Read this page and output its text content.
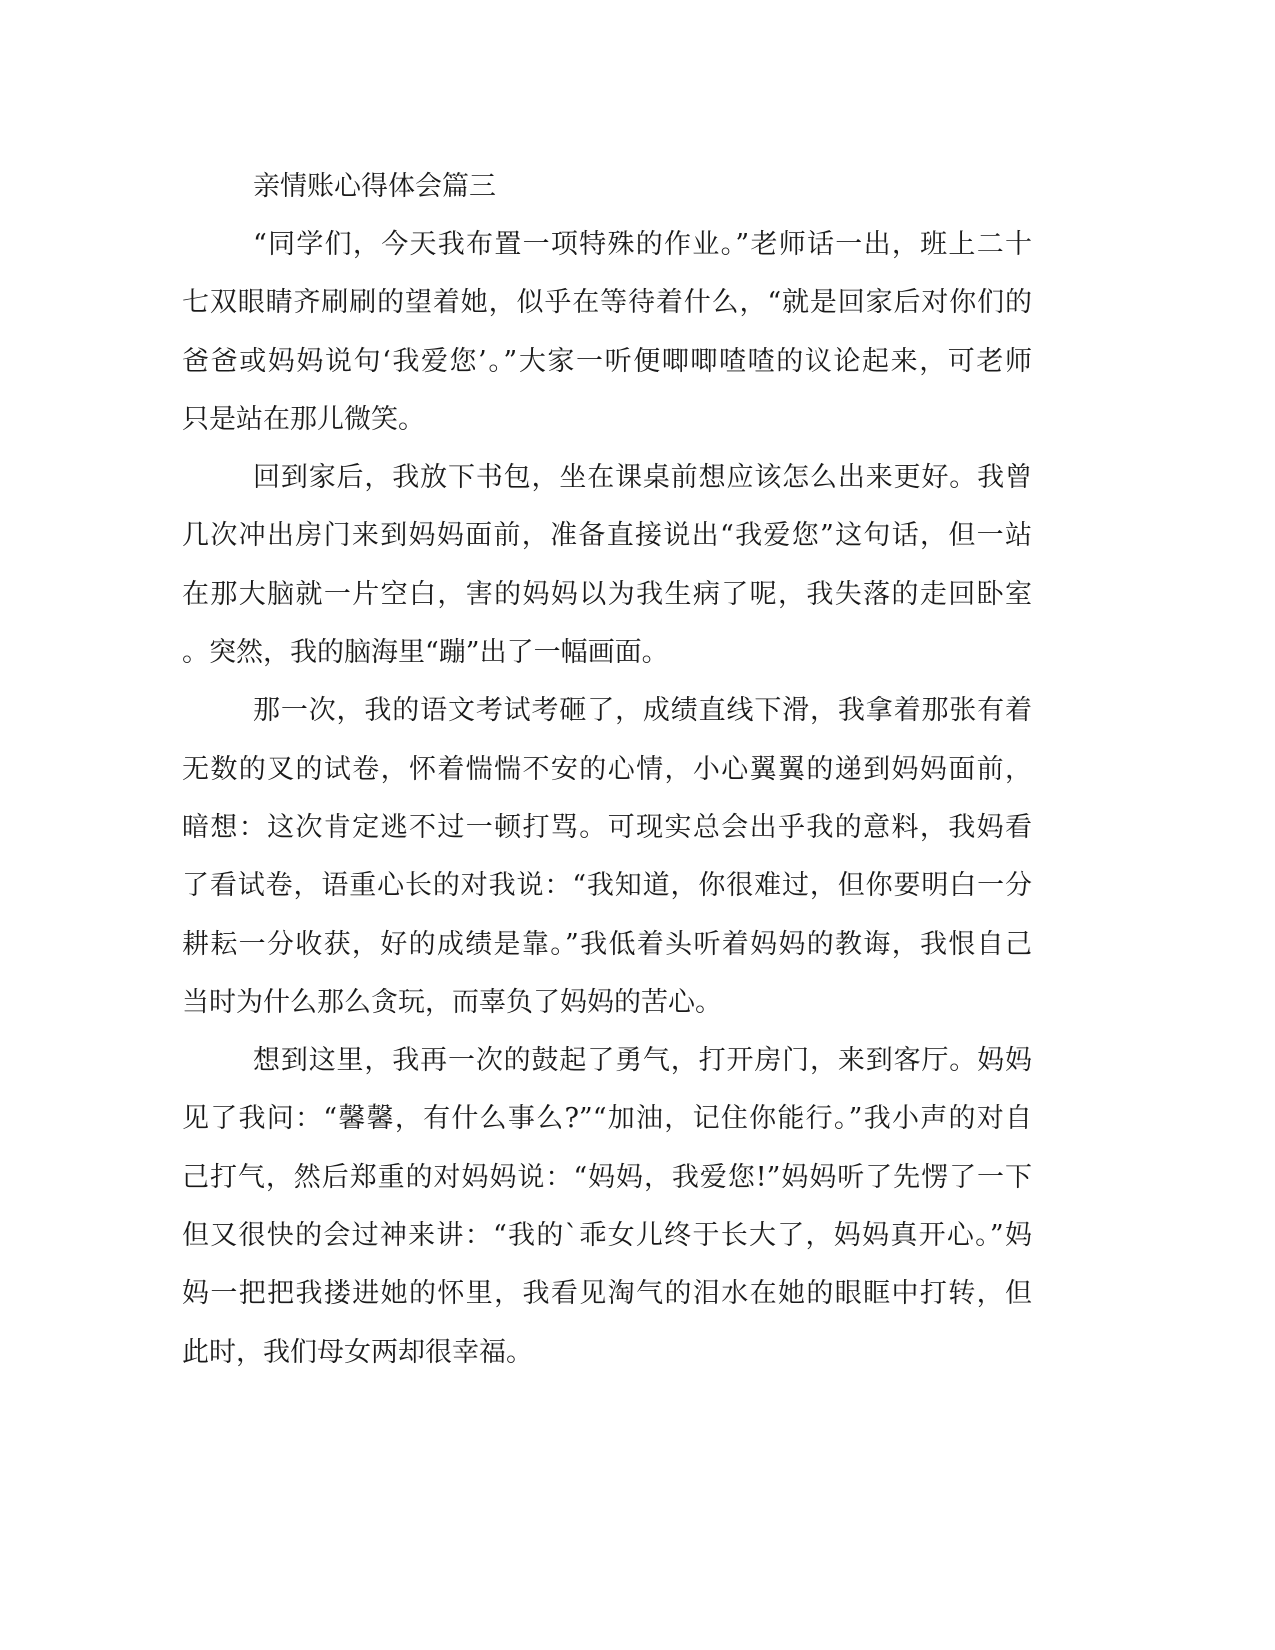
亲情账心得体会篇三

“同学们，今天我布置一项特殊的作业。”老师话一出，班上二十
七双眼睛齐刷刷的望着她，似乎在等待着什么，“就是回家后对你们的
爸爸或妈妈说句‘我爱您’。”大家一听便唧唧喳喳的议论起来，可老师
只是站在那儿微笑。

回到家后，我放下书包，坐在课桌前想应该怎么出来更好。我曾
几次冲出房门来到妈妈面前，准备直接说出“我爱您”这句话，但一站
在那大脑就一片空白，害的妈妈以为我生病了呢，我失落的走回卧室
。突然，我的脑海里“蹦”出了一幅画面。

那一次，我的语文考试考砸了，成绩直线下滑，我拿着那张有着
无数的叉的试卷，怀着惴惴不安的心情，小心翼翼的递到妈妈面前，
暗想：这次肯定逃不过一顿打骂。可现实总会出乎我的意料，我妈看
了看试卷，语重心长的对我说：“我知道，你很难过，但你要明白一分
耕耘一分收获，好的成绩是靠。”我低着头听着妈妈的教诲，我恨自己
当时为什么那么贪玩，而辜负了妈妈的苦心。

想到这里，我再一次的鼓起了勇气，打开房门，来到客厅。妈妈
见了我问：“馨馨，有什么事么?”“加油，记住你能行。”我小声的对自
己打气，然后郑重的对妈妈说：“妈妈，我爱您!”妈妈听了先愣了一下
但又很快的会过神来讲：“我的`乖女儿终于长大了，妈妈真开心。”妈
妈一把把我搂进她的怀里，我看见淘气的泪水在她的眼眶中打转，但
此时，我们母女两却很幸福。
